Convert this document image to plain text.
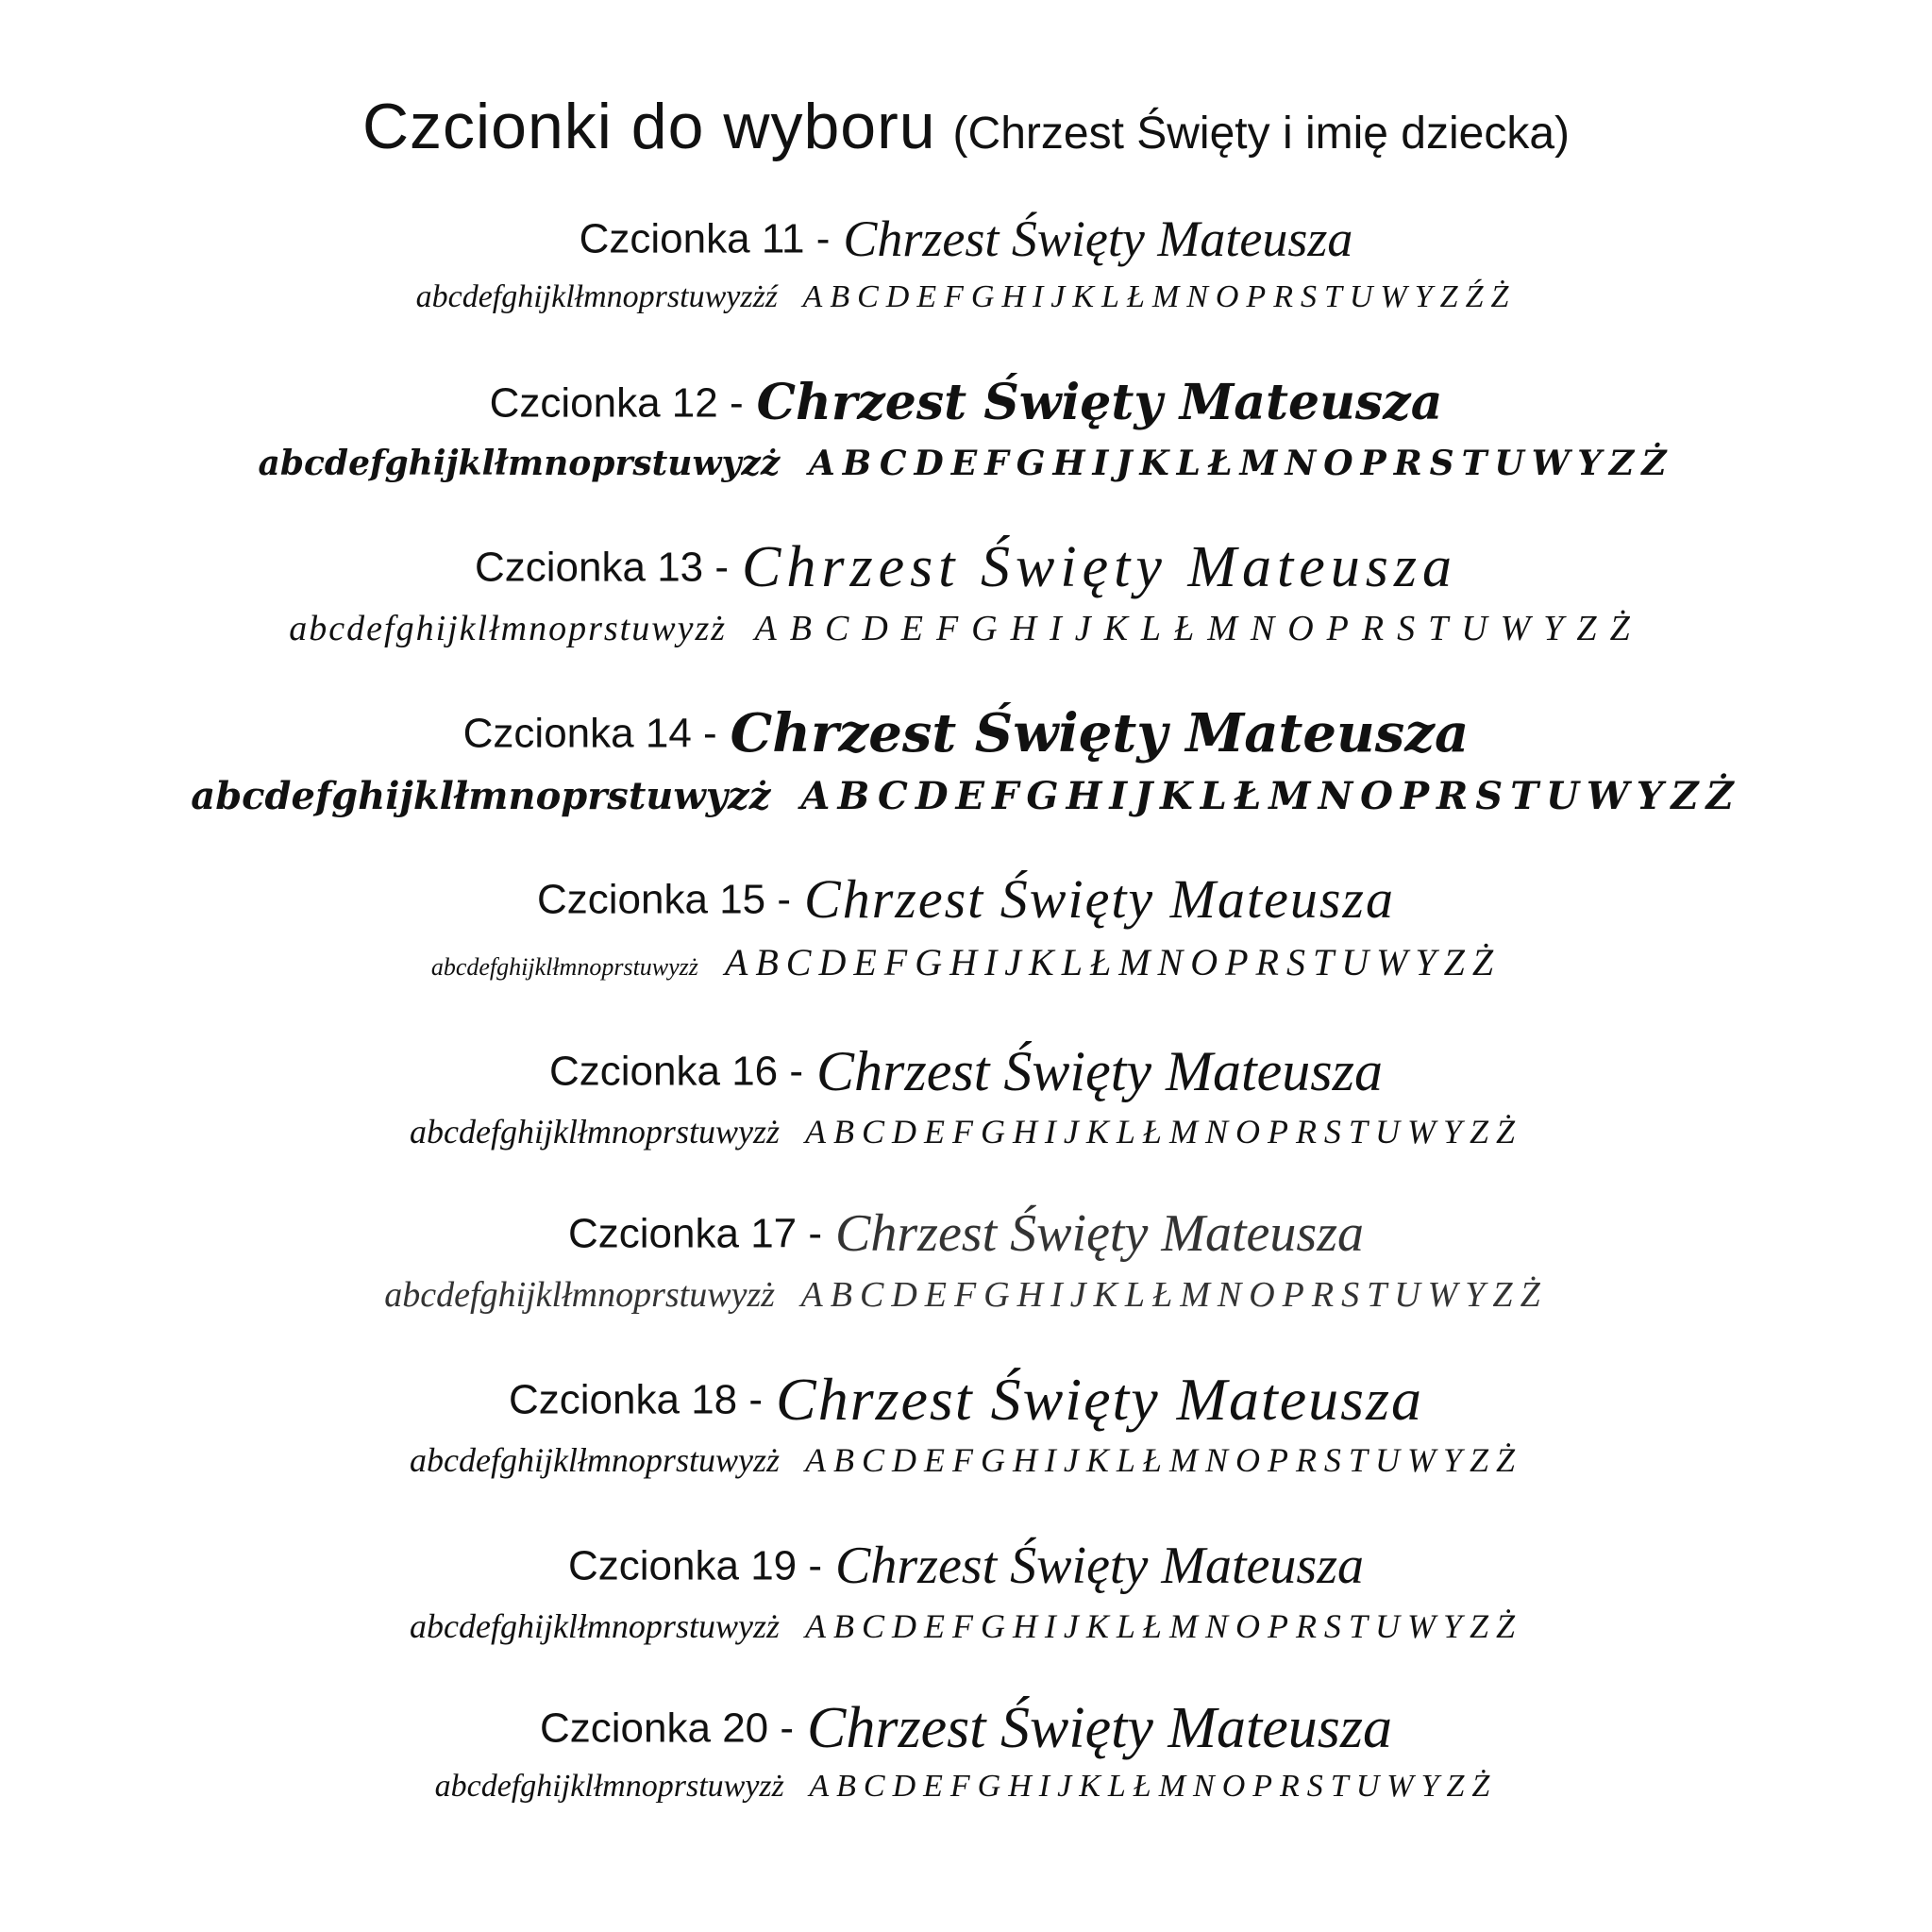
Czcionki do wyboru (Chrzest Święty i imię dziecka)
Czcionka 11 - Chrzest Święty Mateusza
abcdefghijklłmnoprstuwyzżź ABCDEFGHIJKLŁMNOPRSTUWYZŹŻ
Czcionka 12 - Chrzest Święty Mateusza
abcdefghijklłmnoprstuwyzż ABCDEFGHIJKLŁMNOPRSTUWYZŻ
Czcionka 13 - Chrzest Święty Mateusza
abcdefghijklłmnoprstuwyzż ABCDEFGHIJKLŁMNOPRSTUWYZŻ
Czcionka 14 - Chrzest Święty Mateusza
abcdefghijklłmnoprstuwyzż ABCDEFGHIJKLŁMNOPRSTUWYZŻ
Czcionka 15 - Chrzest Święty Mateusza
abcdefghijklłmnoprstuwyzż ABCDEFGHIJKLŁMNOPRSTUWYZŻ
Czcionka 16 - Chrzest Święty Mateusza
abcdefghijklłmnoprstuwyzż ABCDEFGHIJKLŁMNOPRSTUWYZŻ
Czcionka 17 - Chrzest Święty Mateusza
abcdefghijklłmnoprstuwyzż ABCDEFGHIJKLŁMNOPRSTUWYZŻ
Czcionka 18 - Chrzest Święty Mateusza
abcdefghijklłmnoprstuwyzż ABCDEFGHIJKLŁMNOPRSTUWYZŻ
Czcionka 19 - Chrzest Święty Mateusza
abcdefghijklłmnoprstuwyzż ABCDEFGHIJKLŁMNOPRSTUWYZŻ
Czcionka 20 - Chrzest Święty Mateusza
abcdefghijklłmnoprstuwyzż ABCDEFGHIJKLŁMNOPRSTUWYZŻ
